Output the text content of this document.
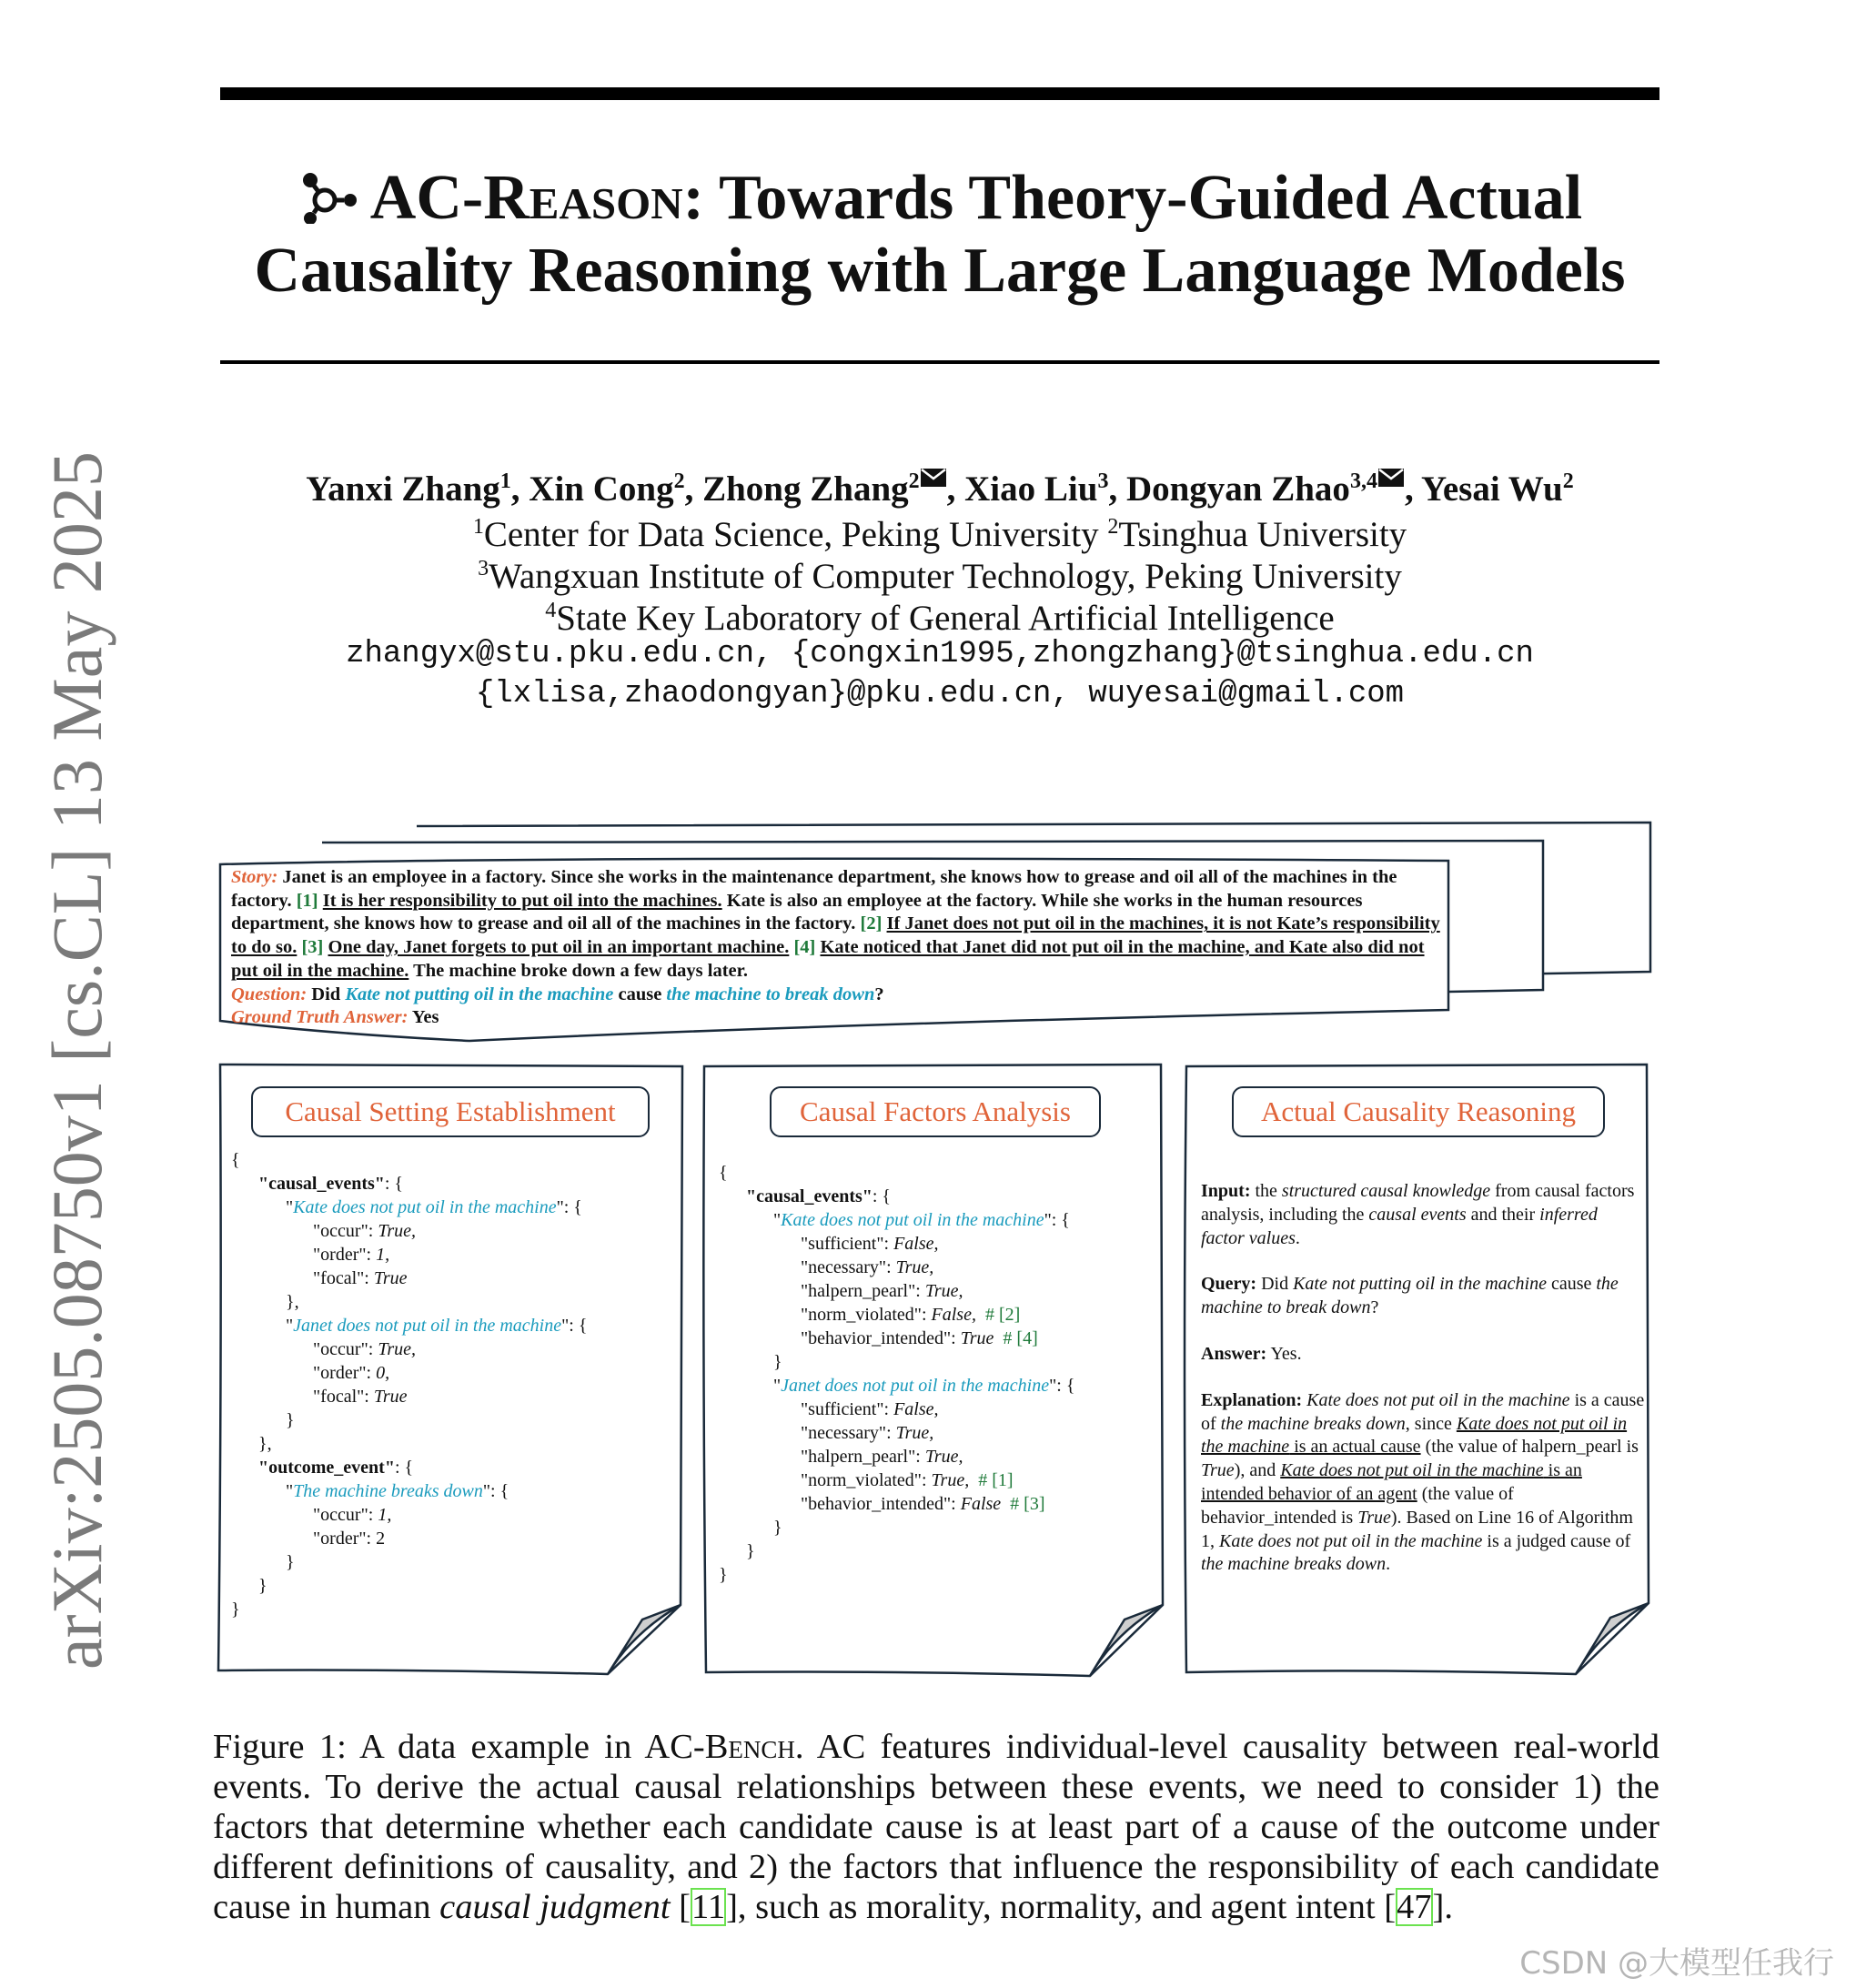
AC-Reason: Towards Theory-Guided Actual
Causality Reasoning with Large Language Models
Yanxi Zhang$^1$, Xin Cong$^2$, Zhong Zhang$^2$ , Xiao Liu$^3$, Dongyan Zhao$^{3,4}$ , Yesai Wu$^2$
$^1$Center for Data Science, Peking University $^2$Tsinghua University
$^3$Wangxuan Institute of Computer Technology, Peking University
$^4$State Key Laboratory of General Artificial Intelligence
zhangyx@stu.pku.edu.cn, {congxin1995,zhongzhang}@tsinghua.edu.cn
{lxlisa,zhaodongyan}@pku.edu.cn, wuyesai@gmail.com
arXiv:2505.08750v1 [cs.CL] 13 May 2025	Story: Janet is an employee in a factory. Since she works in the maintenance department, she knows how to grease and oil all of the machines in the factory. [1] It is her responsibility to put oil into the machines. Kate is also an employee at the factory. While she works in the human resources department, she knows how to grease and oil all of the machines in the factory. [2] If Janet does not put oil in the machines, it is not Kate’s responsibility to do so. [3] One day, Janet forgets to put oil in an important machine. [4] Kate noticed that Janet did not put oil in the machine, and Kate also did not put oil in the machine. The machine broke down a few days later.
Question: Did Kate not putting oil in the machine cause the machine to break down?
Ground Truth Answer: Yes
Causal Setting Establishment	Causal Factors Analysis	Actual Causality Reasoning
{
"causal_events": {
"Kate does not put oil in the machine": {
"occur": True,
"order": 1,
"focal": True
},
"Janet does not put oil in the machine": {
"occur": True,
"order": 0,
"focal": True
}
},
"outcome_event": {
"The machine breaks down": {
"occur": 1,
"order": 2
}
}
}
{
"causal_events": {
"Kate does not put oil in the machine": {
"sufficient": False,
"necessary": True,
"halpern_pearl": True,
"norm_violated": False, # [2]
"behavior_intended": True # [4]
}
"Janet does not put oil in the machine": {
"sufficient": False,
"necessary": True,
"halpern_pearl": True,
"norm_violated": True, # [1]
"behavior_intended": False # [3]
}
}
}

Input: the structured causal knowledge from causal factors analysis, including the causal events and their inferred factor values.

Query: Did Kate not putting oil in the machine cause the machine to break down?

Answer: Yes.

Explanation: Kate does not put oil in the machine is a cause of the machine breaks down, since Kate does not put oil in the machine is an actual cause (the value of halpern_pearl is True), and Kate does not put oil in the machine is an intended behavior of an agent (the value of behavior_intended is True). Based on Line 16 of Algorithm 1, Kate does not put oil in the machine is a judged cause of the machine breaks down.

Figure 1: A data example in AC-Bench. AC features individual-level causality between real-world events. To derive the actual causal relationships between these events, we need to consider 1) the factors that determine whether each candidate cause is at least part of a cause of the outcome under different definitions of causality, and 2) the factors that influence the responsibility of each candidate cause in human causal judgment [11], such as morality, normality, and agent intent [47].
CSDN @大模型任我行
